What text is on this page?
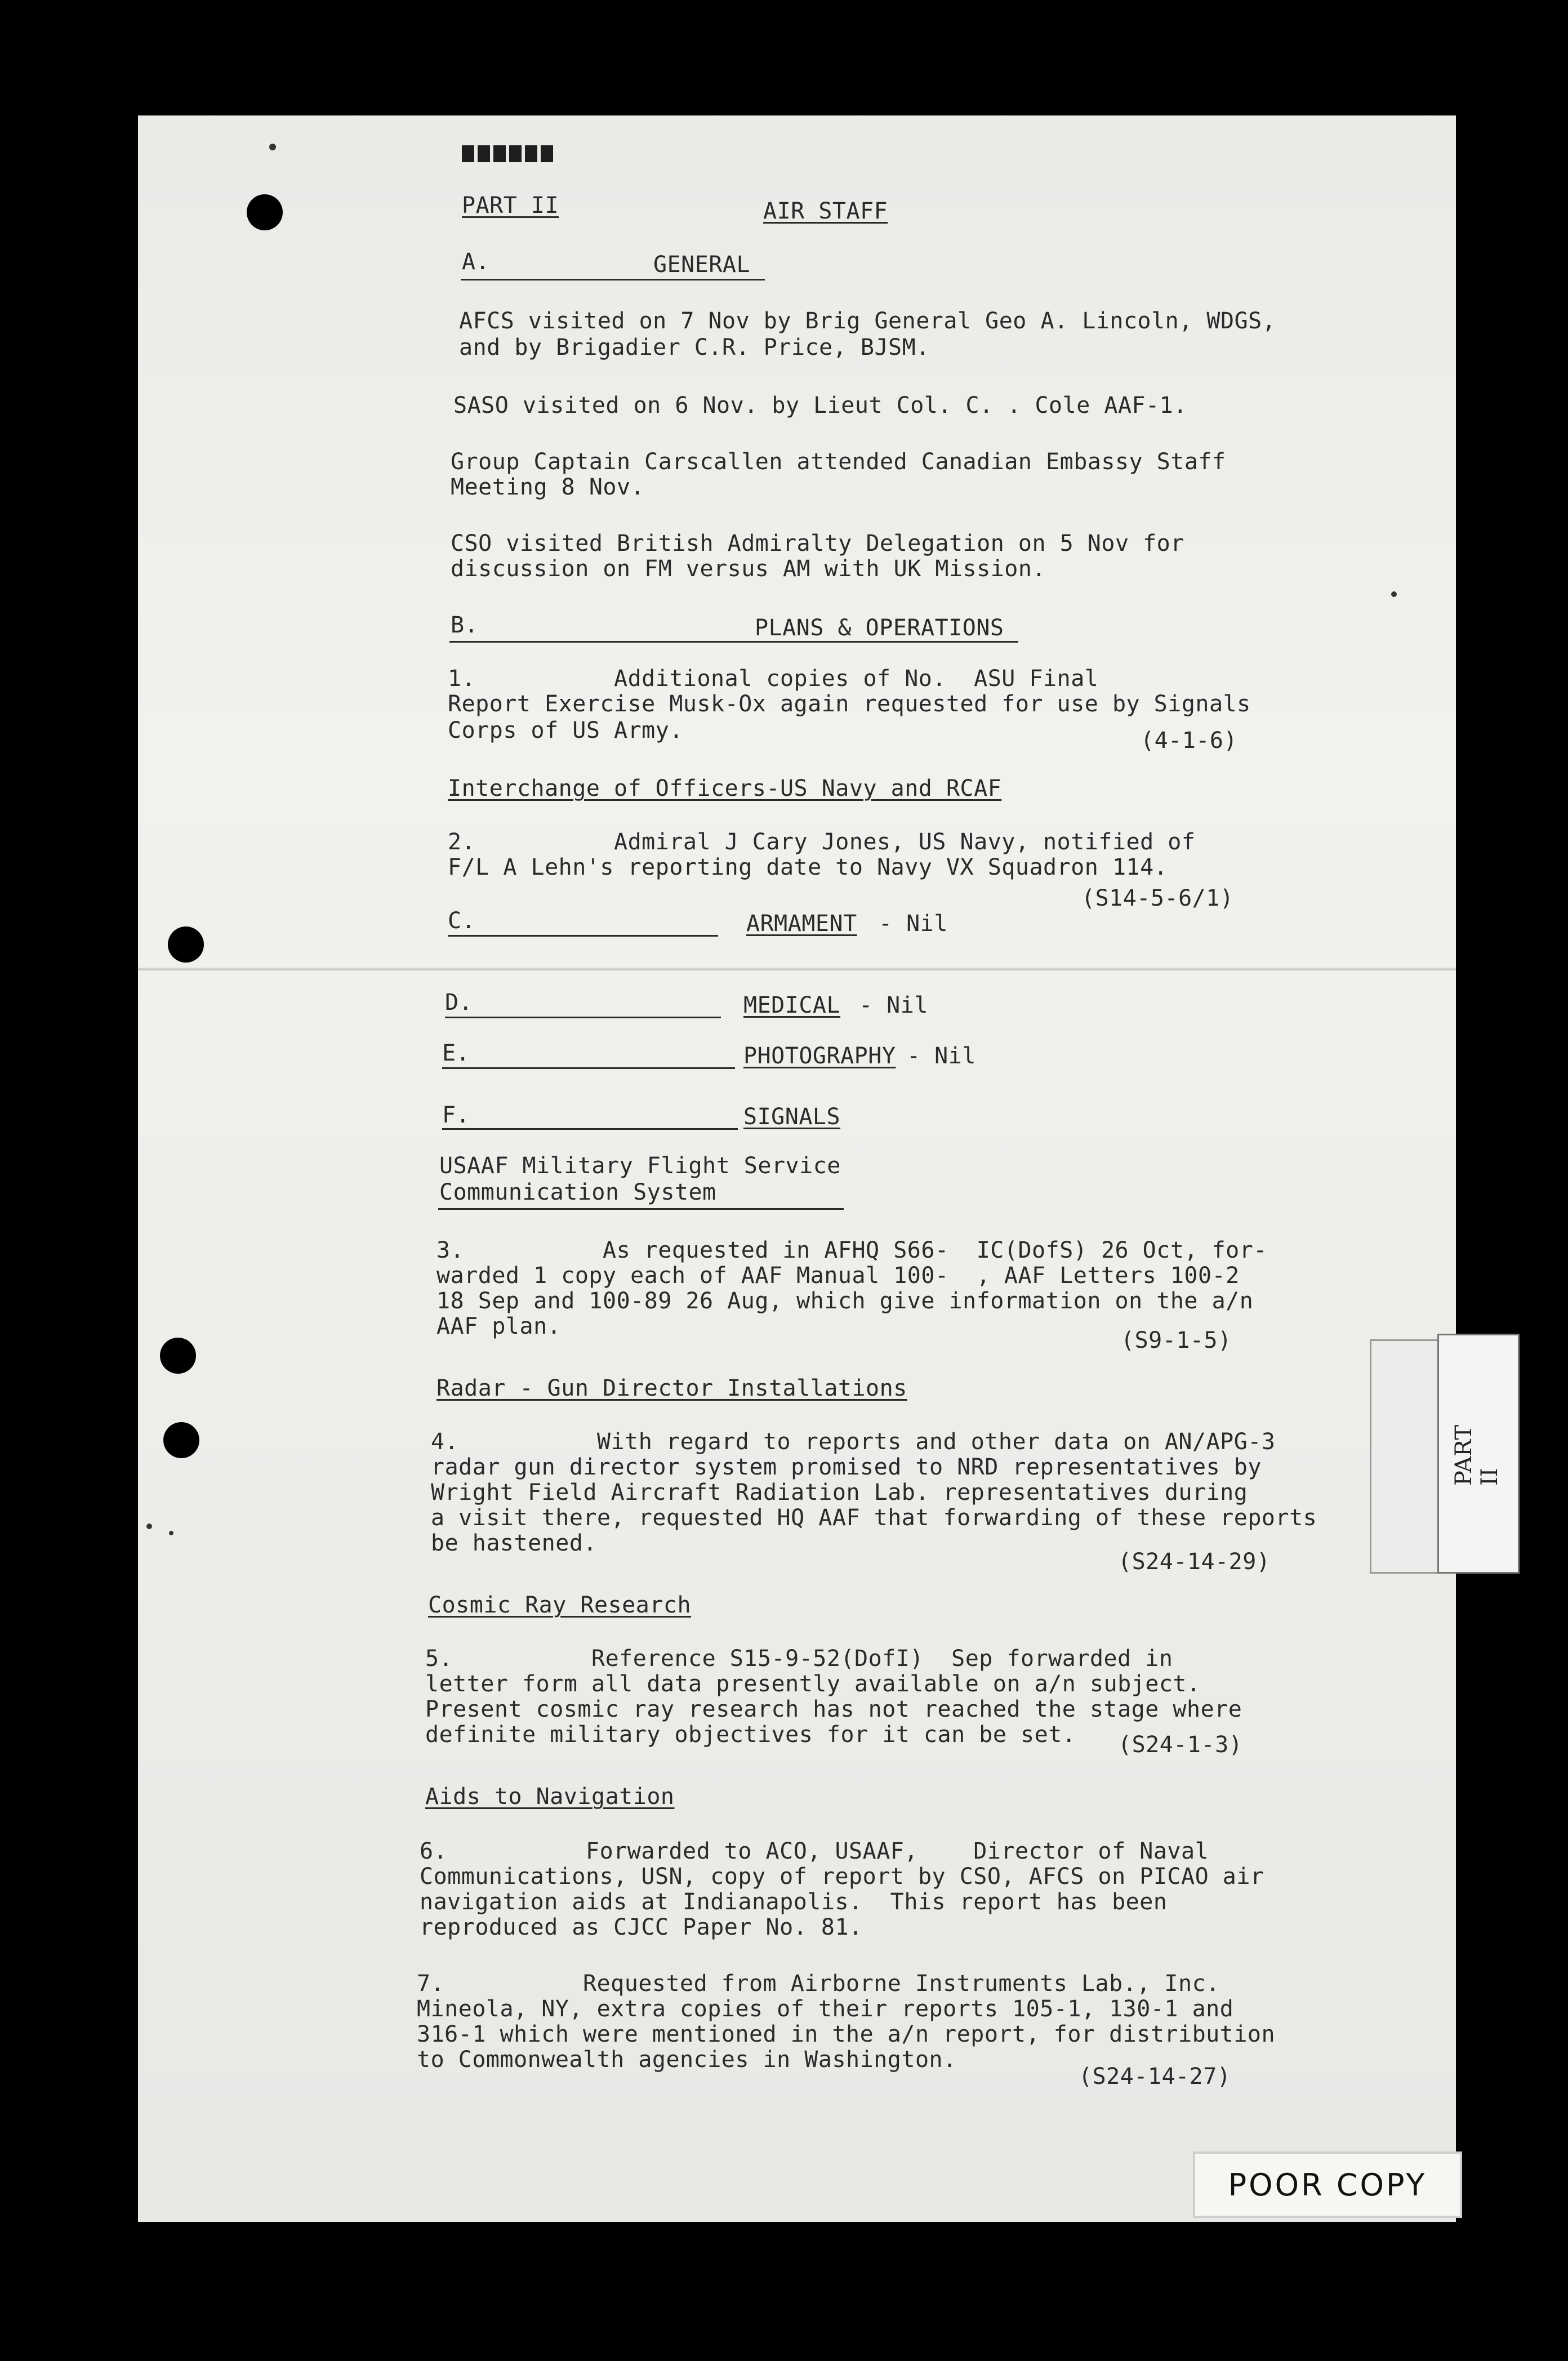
PART II	AIR STAFF
A.	GENERAL
AFCS visited on 7 Nov by Brig General Geo A. Lincoln, WDGS,
and by Brigadier C.R. Price, BJSM.
SASO visited on 6 Nov. by Lieut Col. C. . Cole AAF-1.
Group Captain Carscallen attended Canadian Embassy Staff
Meeting 8 Nov.
CSO visited British Admiralty Delegation on 5 Nov for
discussion on FM versus AM with UK Mission.
B.	PLANS & OPERATIONS
1.          Additional copies of No.  ASU Final
Report Exercise Musk-Ox again requested for use by Signals
Corps of US Army.	(4-1-6)
Interchange of Officers-US Navy and RCAF
2.          Admiral J Cary Jones, US Navy, notified of
F/L A Lehn's reporting date to Navy VX Squadron 114.
(S14-5-6/1)
C.	ARMAMENT - Nil
D.	MEDICAL - Nil
E.	PHOTOGRAPHY - Nil
F.	SIGNALS
USAAF Military Flight Service
Communication System
3.          As requested in AFHQ S66-  IC(DofS) 26 Oct, for-
warded 1 copy each of AAF Manual 100-  , AAF Letters 100-2
18 Sep and 100-89 26 Aug, which give information on the a/n
AAF plan.
(S9-1-5)
Radar - Gun Director Installations
4.          With regard to reports and other data on AN/APG-3
radar gun director system promised to NRD representatives by
Wright Field Aircraft Radiation Lab. representatives during
a visit there, requested HQ AAF that forwarding of these reports
be hastened.
(S24-14-29)
Cosmic Ray Research
5.          Reference S15-9-52(DofI)  Sep forwarded in
letter form all data presently available on a/n subject.
Present cosmic ray research has not reached the stage where
definite military objectives for it can be set. (S24-1-3)
Aids to Navigation
6.          Forwarded to ACO, USAAF,    Director of Naval
Communications, USN, copy of report by CSO, AFCS on PICAO air
navigation aids at Indianapolis.  This report has been
reproduced as CJCC Paper No. 81.
7.          Requested from Airborne Instruments Lab., Inc.
Mineola, NY, extra copies of their reports 105-1, 130-1 and
316-1 which were mentioned in the a/n report, for distribution
to Commonwealth agencies in Washington.
(S24-14-27)
PART II
POOR COPY
